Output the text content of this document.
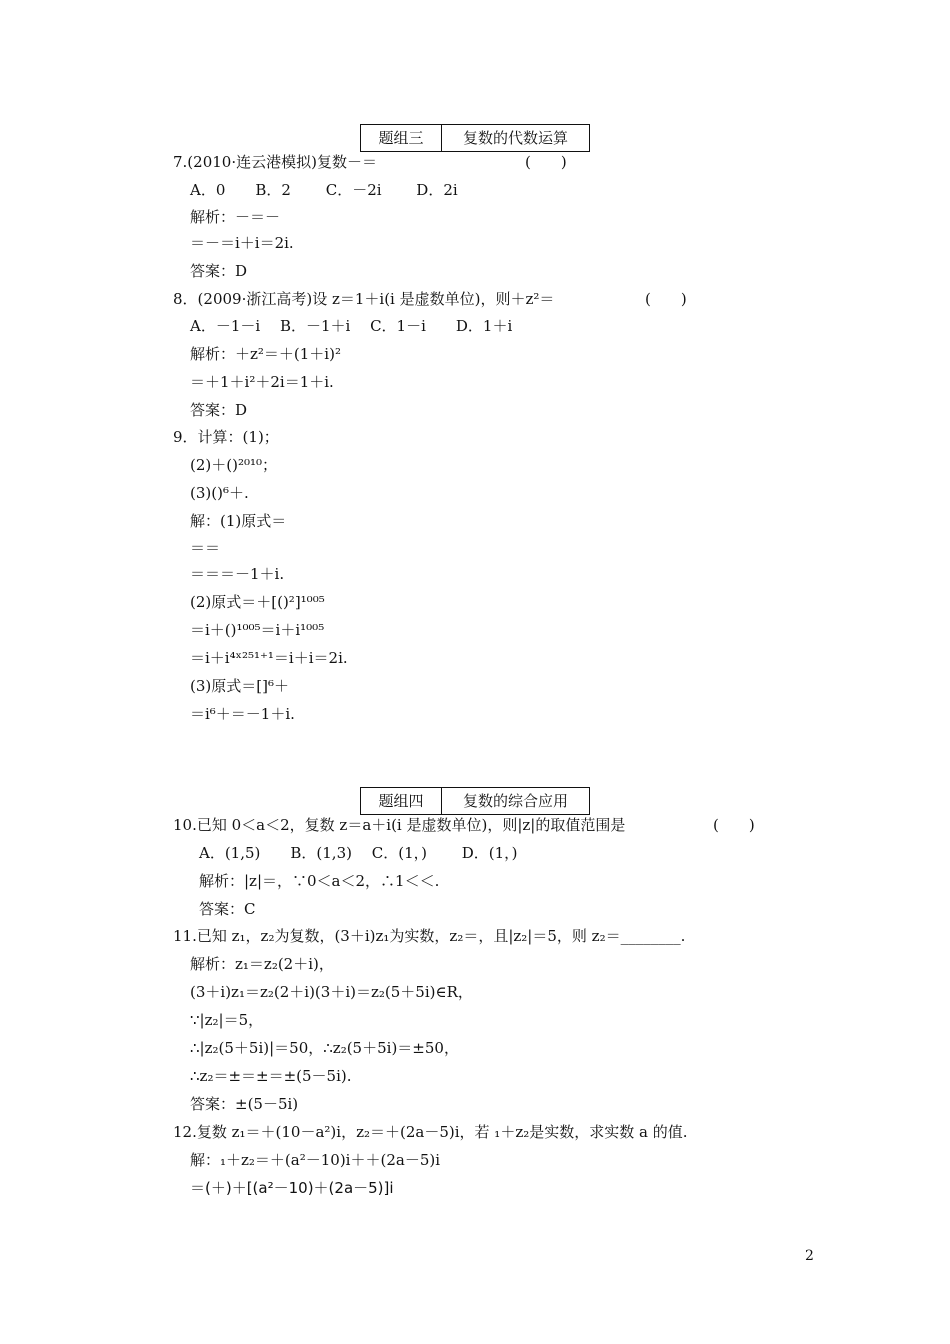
题组三	复数的代数运算
7.(2010·连云港模拟)复数－＝	(　　)
A．0　　B．2　　 C．－2i　　 D．2i
解析：－＝－
＝－＝i＋i＝2i.
答案：D
8．(2009·浙江高考)设 z＝1＋i(i 是虚数单位)，则＋z²＝	(　　)
A．－1－i　 B．－1＋i　 C．1－i　　D．1＋i
解析：＋z²＝＋(1＋i)²
＝＋1＋i²＋2i＝1＋i.
答案：D
9．计算：(1)；
(2)＋()²⁰¹⁰；
(3)()⁶＋.
解：(1)原式＝
＝＝
＝＝＝－1＋i.
(2)原式＝＋[()²]¹⁰⁰⁵
＝i＋()¹⁰⁰⁵＝i＋i¹⁰⁰⁵
＝i＋i⁴ˣ²⁵¹⁺¹＝i＋i＝2i.
(3)原式＝[]⁶＋
＝i⁶＋＝－1＋i.
题组四	复数的综合应用
10.已知 0＜a＜2，复数 z＝a＋i(i 是虚数单位)，则|z|的取值范围是	(　　)
A．(1,5)　　B．(1,3)　 C．(1，)　　 D．(1，)
解析：|z|＝，∵0＜a＜2，∴1＜＜.
答案：C
11.已知 z₁，z₂为复数，(3＋i)z₁为实数，z₂＝，且|z₂|＝5，则 z₂＝________.
解析：z₁＝z₂(2＋i)，
(3＋i)z₁＝z₂(2＋i)(3＋i)＝z₂(5＋5i)∈R，
∵|z₂|＝5，
∴|z₂(5＋5i)|＝50，∴z₂(5＋5i)＝±50，
∴z₂＝±＝±＝±(5－5i).
答案：±(5－5i)
12.复数 z₁＝＋(10－a²)i，z₂＝＋(2a－5)i，若 ₁＋z₂是实数，求实数 a 的值.
解：₁＋z₂＝＋(a²－10)i＋＋(2a－5)i
＝(＋)＋[(a²－10)＋(2a－5)]i
2
